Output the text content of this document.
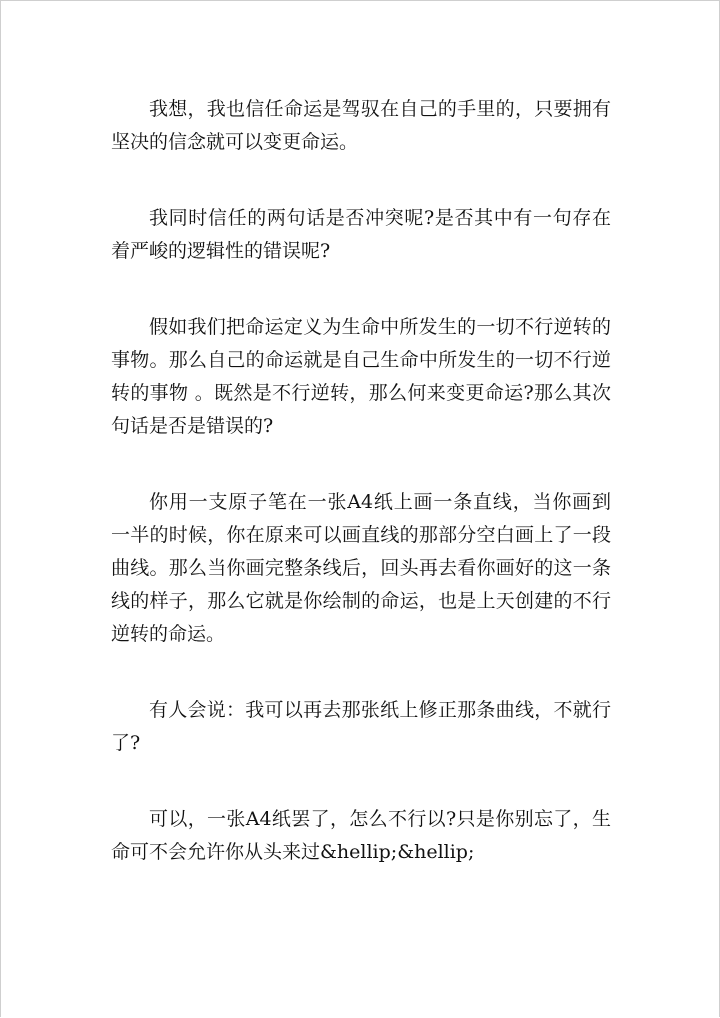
我想，我也信任命运是驾驭在自己的手里的，只要拥有坚决的信念就可以变更命运。

我同时信任的两句话是否冲突呢?是否其中有一句存在着严峻的逻辑性的错误呢?

假如我们把命运定义为生命中所发生的一切不行逆转的事物。那么自己的命运就是自己生命中所发生的一切不行逆转的事物 。既然是不行逆转，那么何来变更命运?那么其次句话是否是错误的?

你用一支原子笔在一张A4纸上画一条直线，当你画到一半的时候，你在原来可以画直线的那部分空白画上了一段曲线。那么当你画完整条线后，回头再去看你画好的这一条线的样子，那么它就是你绘制的命运，也是上天创建的不行逆转的命运。

有人会说：我可以再去那张纸上修正那条曲线，不就行了?

可以，一张A4纸罢了，怎么不行以?只是你别忘了，生命可不会允许你从头来过&hellip;&hellip;
